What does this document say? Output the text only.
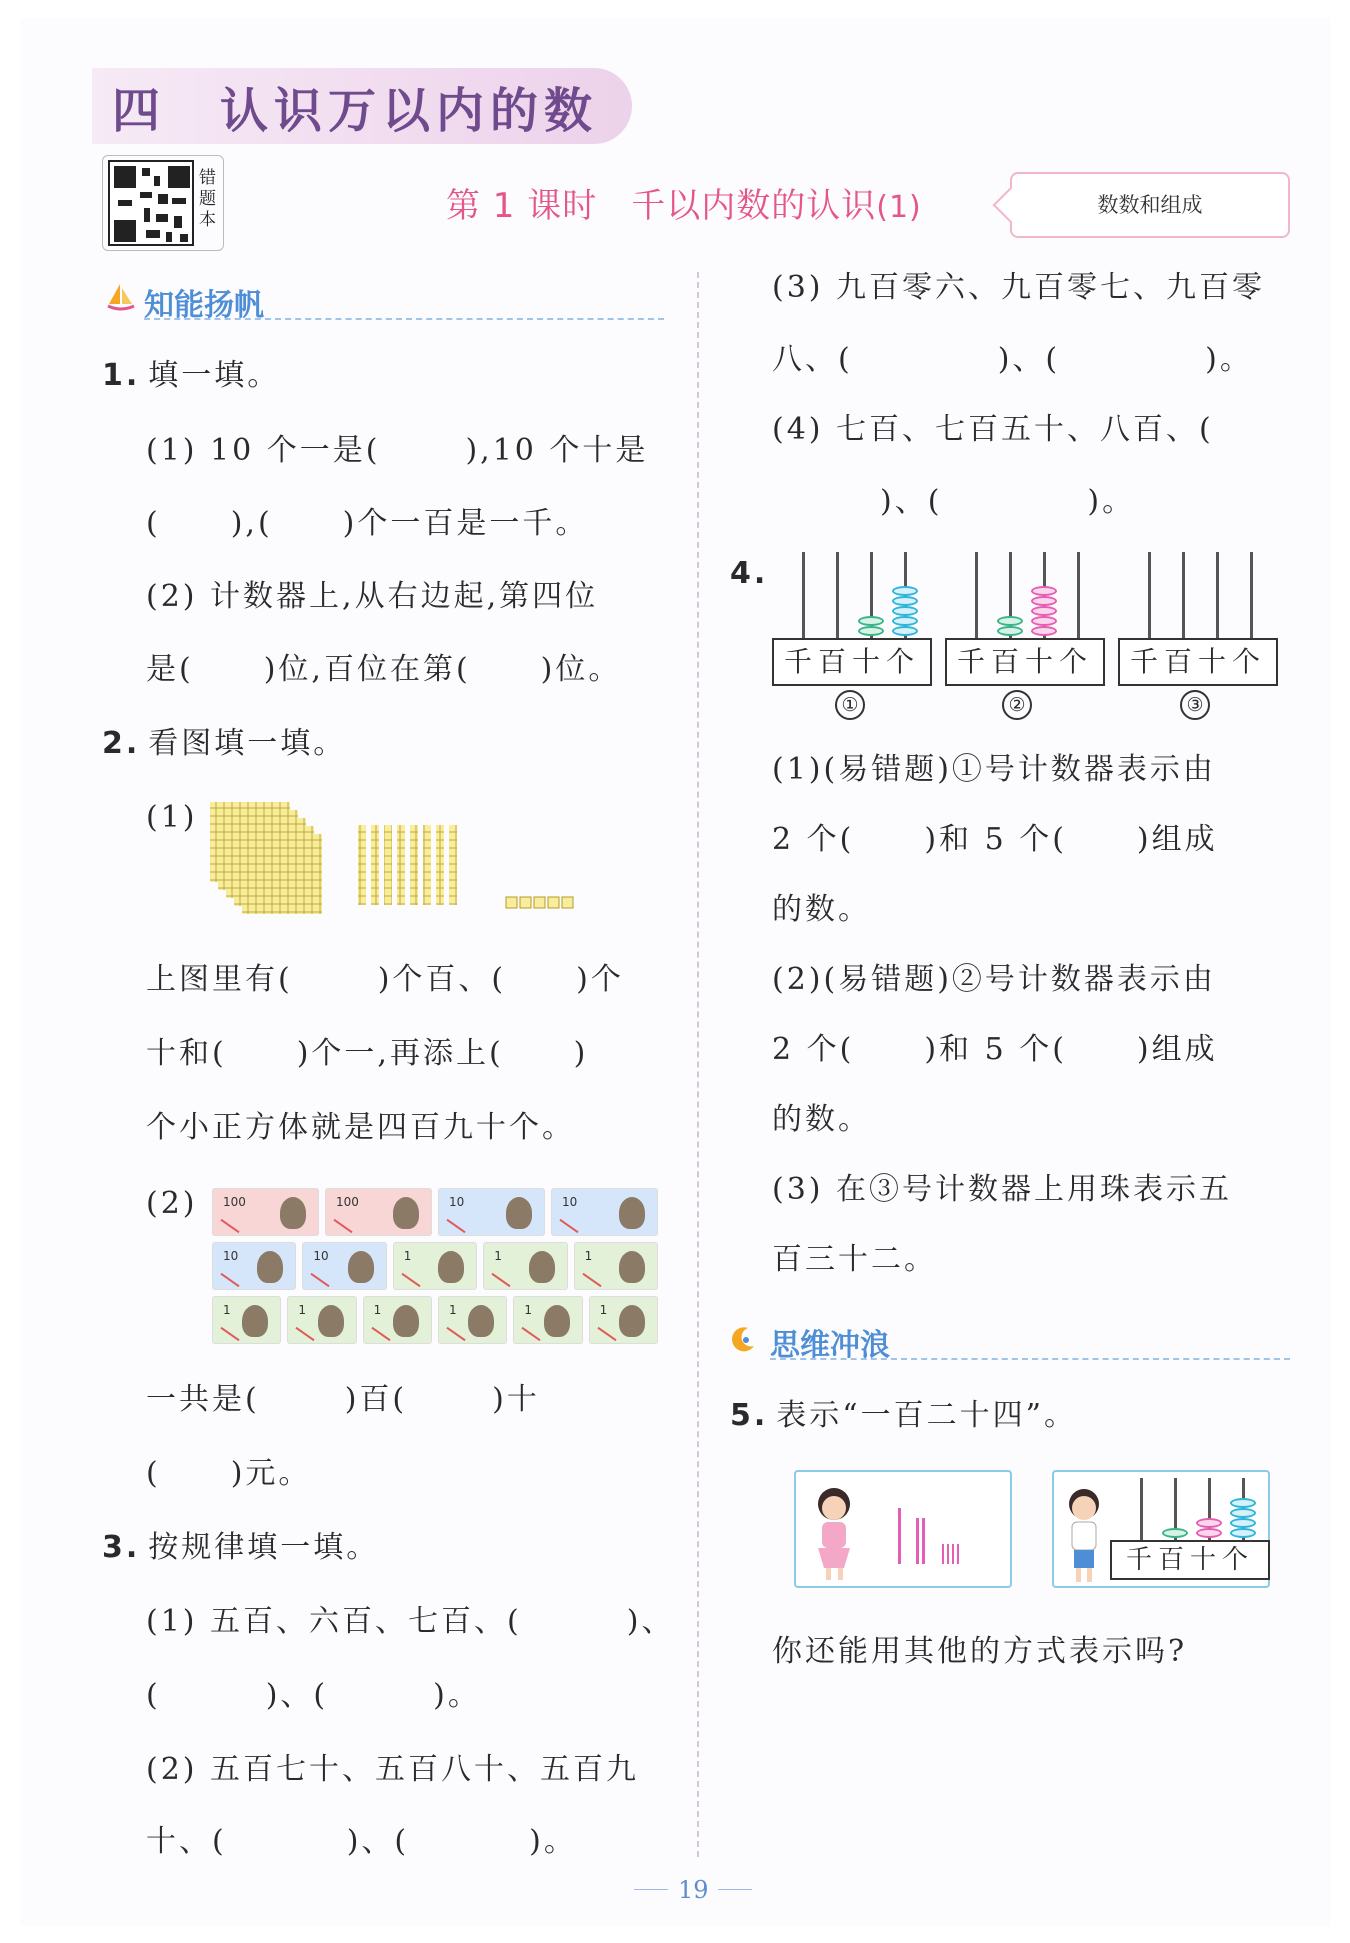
四 认识万以内的数
错题本	第 1 课时 千以内数的认识(1)	数数和组成
知能扬帆
1. 填一填。
(1) 10 个一是(	),10 个十是
( ),( )个一百是一千。
(2) 计数器上,从右边起,第四位
是( )位,百位在第( )位。
2. 看图填一填。
(1)
上图里有(	)个百、( )个
十和( )个一,再添上( )
个小正方体就是四百九十个。
(2) 100	100	10	10
10	10	1	1	1
1	1	1	1	1	1
一共是(	)百(	)十
( )元。
3. 按规律填一填。
(1) 五百、六百、七百、(	)、
(	)、(	)。
(2) 五百七十、五百八十、五百九
十、(	)、(	)。
(3) 九百零六、九百零七、九百零
八、(	)、(	)。
(4) 七百、七百五十、八百、(
)、(	)。
4.
千百十个	千百十个	千百十个
①	②	③
(1)(易错题)①号计数器表示由
2 个( )和 5 个( )组成
的数。
(2)(易错题)②号计数器表示由
2 个( )和 5 个( )组成
的数。
(3) 在③号计数器上用珠表示五
百三十二。
思维冲浪
5. 表示“一百二十四”。
千百十个
你还能用其他的方式表示吗?
19
